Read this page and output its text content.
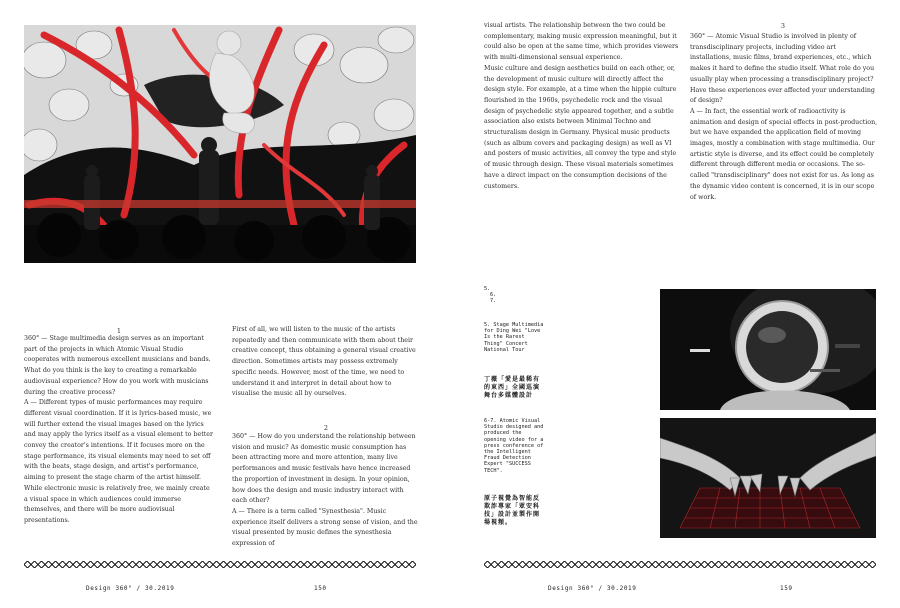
1

360° — Stage multimedia design serves as an important part of the projects in which Atomic Visual Studio cooperates with numerous excellent musicians and bands. What do you think is the key to creating a remarkable audiovisual experience? How do you work with musicians during the creative process?

A — Different types of music performances may require different visual coordination. If it is lyrics-based music, we will further extend the visual images based on the lyrics and may apply the lyrics itself as a visual element to better convey the creator's intentions. If it focuses more on the stage performance, its visual elements may need to set off with the beats, stage design, and artist's performance, aiming to present the stage charm of the artist himself. While electronic music is relatively free, we mainly create a visual space in which audiences could immerse themselves, and there will be more audiovisual presentations.

First of all, we will listen to the music of the artists repeatedly and then communicate with them about their creative concept, thus obtaining a general visual creative direction. Sometimes artists may possess extremely specific needs. However, most of the time, we need to understand it and interpret in detail about how to visualise the music all by ourselves.
2

360° — How do you understand the relationship between vision and music? As domestic music consumption has been attracting more and more attention, many live performances and music festivals have hence increased the proportion of investment in design. In your opinion, how does the design and music industry interact with each other?

A — There is a term called "Synesthesia". Music experience itself delivers a strong sense of vision, and the visual presented by music defines the synesthesia expression of

Design 360° / 30.2019	150

visual artists. The relationship between the two could be complementary, making music expression meaningful, but it could also be open at the same time, which provides viewers with multi-dimensional sensual experience.

Music culture and design aesthetics build on each other, or, the development of music culture will directly affect the design style. For example, at a time when the hippie culture flourished in the 1960s, psychedelic rock and the visual design of psychedelic style appeared together, and a subtle association also exists between Minimal Techno and structuralism design in Germany. Physical music products (such as album covers and packaging design) as well as VI and posters of music activities, all convey the type and style of music through design. These visual materials sometimes have a direct impact on the consumption decisions of the customers.

3

360° — Atomic Visual Studio is involved in plenty of transdisciplinary projects, including video art installations, music films, brand experiences, etc., which makes it hard to define the studio itself. What role do you usually play when processing a transdisciplinary project? Have these experiences ever affected your understanding of design?

A — In fact, the essential work of radioactivity is animation and design of special effects in post-production, but we have expanded the application field of moving images, mostly a combination with stage multimedia. Our artistic style is diverse, and its effect could be completely different through different media or occasions. The so-called "transdisciplinary" does not exist for us. As long as the dynamic video content is concerned, it is in our scope of work.

5.
6.
7.
5. Stage Multimedia for Ding Wei "Love Is the Rarest Thing" Concert National Tour
丁薇「愛是最稀有的東西」全國巡演舞台多媒體設計
6-7. Atomic Visual Studio designed and produced the opening video for a press conference of the Intelligent Fraud Detection Expert "SUCCESS TECH".
原子視覺為智能反欺詐專家「眾安科技」設計並製作開場視頻。
Design 360° / 30.2019	159
